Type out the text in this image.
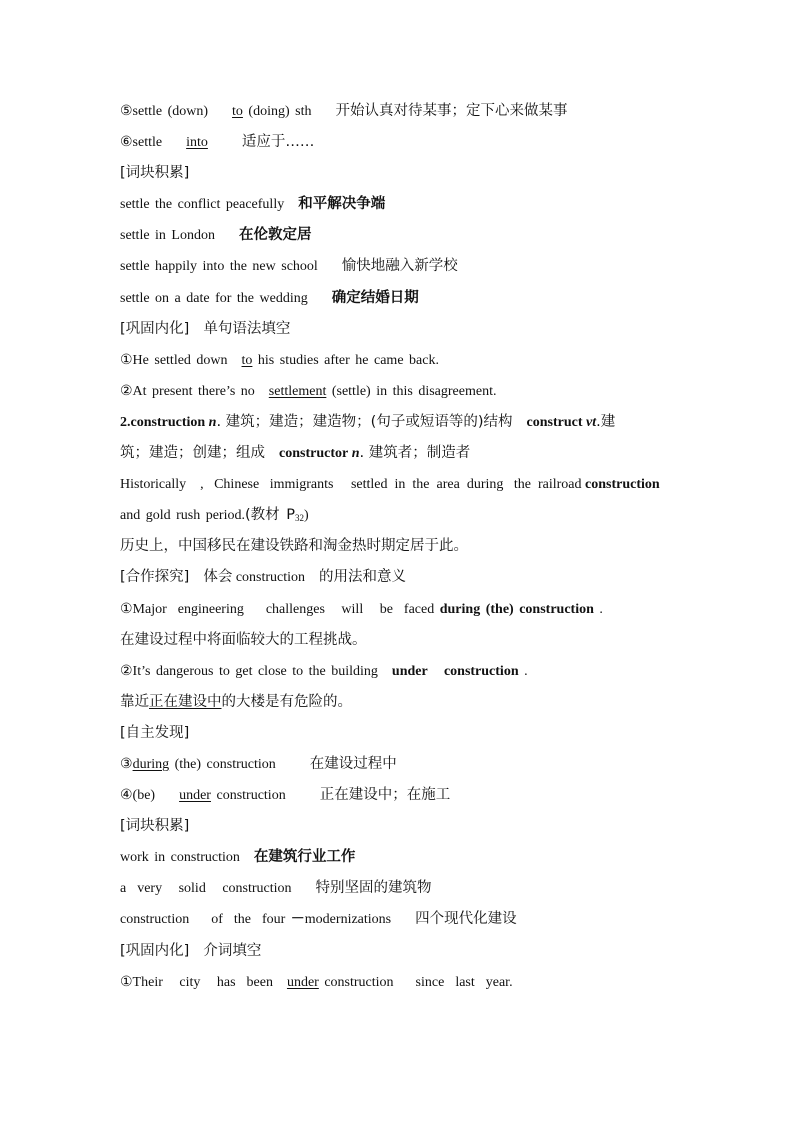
⑤settle (down) to (doing) sth 开始认真对待某事；定下心来做某事
⑥settle into 适应于……
[词块积累]
settle the conflict peacefully 和平解决争端
settle in London 在伦敦定居
settle happily into the new school 愉快地融入新学校
settle on a date for the wedding 确定结婚日期
[巩固内化] 单句语法填空
①He settled down to his studies after he came back.
②At present there’s no settlement (settle) in this disagreement.
2.construction n. 建筑；建造；建造物；(句子或短语等的)结构 construct vt.建
筑；建造；创建；组成 constructor n. 建筑者；制造者
Historically    ,   Chinese   immigrants     settled  in  the  area  during   the  railroad construction
and gold rush period.(教材 $P_{32}$)
历史上，中国移民在建设铁路和淘金热时期定居于此。
[合作探究] 体会 construction 的用法和意义
①Major  engineering    challenges   will   be  faced during (the) construction .
在建设过程中将面临较大的工程挑战。
②It’s dangerous to get close to the building under   construction .
靠近正在建设中的大楼是有危险的。
[自主发现]
③during (the) construction 在建设过程中
④(be) under construction 正在建设中；在施工
[词块积累]
work in construction 在建筑行业工作
a  very   solid   construction 特别坚固的建筑物
construction    of  the  four －modernizations 四个现代化建设
[巩固内化] 介词填空
①Their   city   has  been under construction    since  last  year.
